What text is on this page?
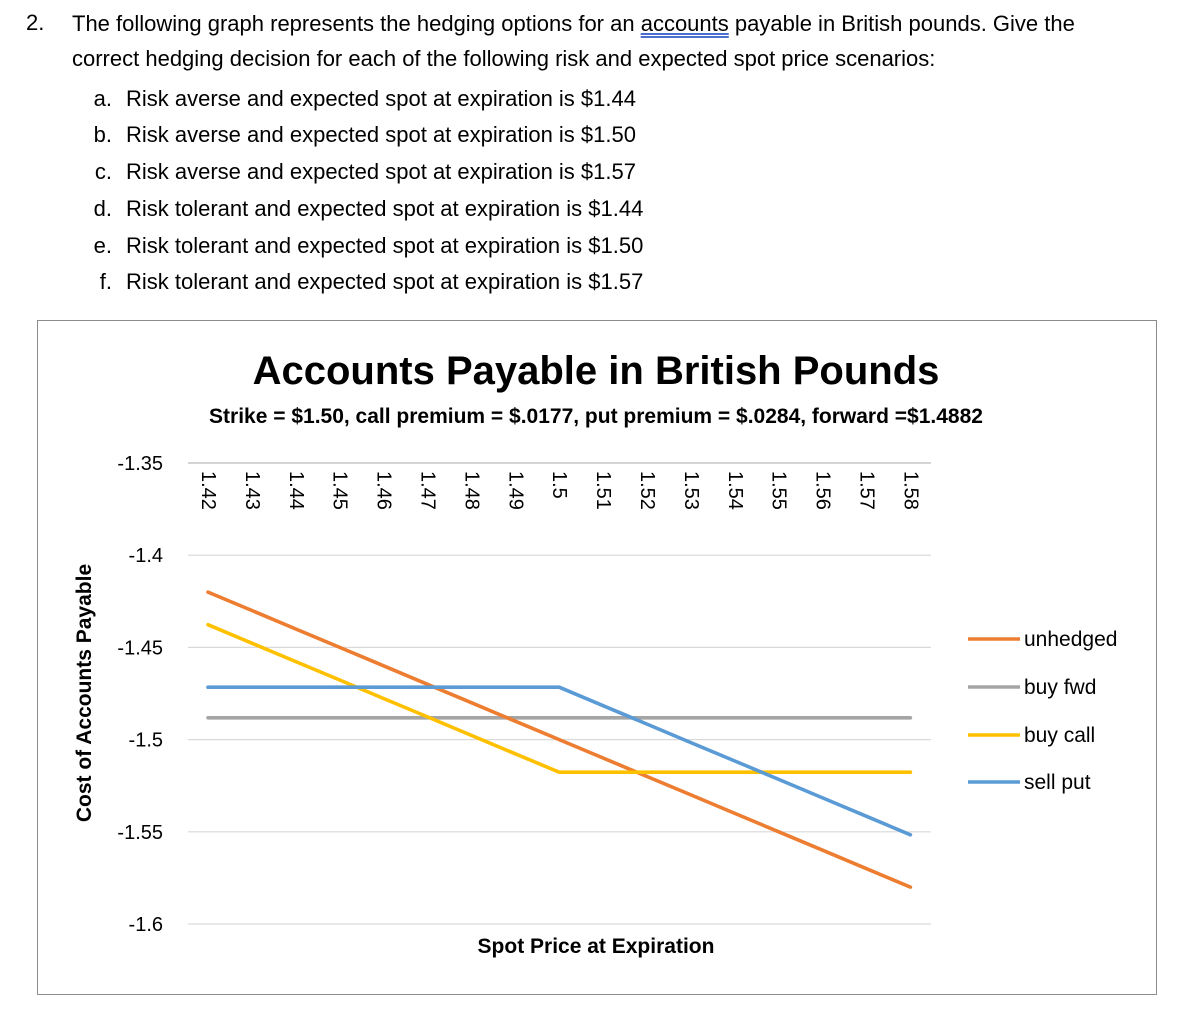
2. The following graph represents the hedging options for an accounts payable in British pounds. Give the
correct hedging decision for each of the following risk and expected spot price scenarios:
a. Risk averse and expected spot at expiration is $1.44
b. Risk averse and expected spot at expiration is $1.50
c. Risk averse and expected spot at expiration is $1.57
d. Risk tolerant and expected spot at expiration is $1.44
e. Risk tolerant and expected spot at expiration is $1.50
f. Risk tolerant and expected spot at expiration is $1.57
Accounts Payable in British Pounds
Strike = $1.50, call premium = $.0177, put premium = $.0284, forward =$1.4882
-1.35
-1.4
-1.45
-1.5
-1.55
-1.6
1.42 1.43 1.44 1.45 1.46 1.47 1.48 1.49 1.5 1.51 1.52 1.53 1.54 1.55 1.56 1.57 1.58
Spot Price at Expiration
Cost of Accounts Payable	unhedged
buy fwd
buy call
sell put
